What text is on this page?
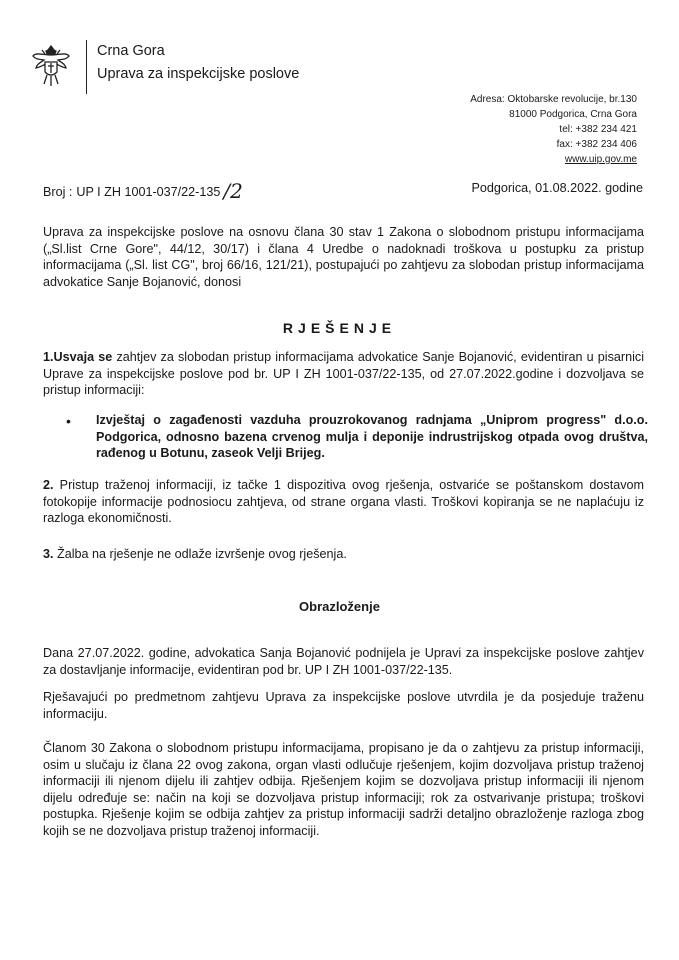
Crna Gora
Uprava za inspekcijske poslove
Adresa: Oktobarske revolucije, br.130
81000 Podgorica, Crna Gora
tel: +382 234 421
fax: +382 234 406
www.uip.gov.me
Broj : UP I ZH 1001-037/22-135 /2	Podgorica, 01.08.2022. godine
Uprava za inspekcijske poslove na osnovu člana 30 stav 1 Zakona o slobodnom pristupu informacijama („Sl.list Crne Gore", 44/12, 30/17) i člana 4 Uredbe o nadoknadi troškova u postupku za pristup informacijama („Sl. list CG", broj 66/16, 121/21), postupajući po zahtjevu za slobodan pristup informacijama advokatice Sanje Bojanović, donosi
RJEŠENJE
1.Usvaja se zahtjev za slobodan pristup informacijama advokatice Sanje Bojanović, evidentiran u pisarnici Uprave za inspekcijske poslove pod br. UP I ZH 1001-037/22-135, od 27.07.2022.godine i dozvoljava se pristup informaciji:
• Izvještaj o zagađenosti vazduha prouzrokovanog radnjama „Uniprom progress" d.o.o. Podgorica, odnosno bazena crvenog mulja i deponije indrustrijskog otpada ovog društva, rađenog u Botunu, zaseok Velji Brijeg.
2. Pristup traženoj informaciji, iz tačke 1 dispozitiva ovog rješenja, ostvariće se poštanskom dostavom fotokopije informacije podnosiocu zahtjeva, od strane organa vlasti. Troškovi kopiranja se ne naplaćuju iz razloga ekonomičnosti.
3. Žalba na rješenje ne odlaže izvršenje ovog rješenja.
Obrazloženje
Dana 27.07.2022. godine, advokatica Sanja Bojanović podnijela je Upravi za inspekcijske poslove zahtjev za dostavljanje informacije, evidentiran pod br. UP I ZH 1001-037/22-135.
Rješavajući po predmetnom zahtjevu Uprava za inspekcijske poslove utvrdila je da posjeduje traženu informaciju.
Članom 30 Zakona o slobodnom pristupu informacijama, propisano je da o zahtjevu za pristup informaciji, osim u slučaju iz člana 22 ovog zakona, organ vlasti odlučuje rješenjem, kojim dozvoljava pristup traženoj informaciji ili njenom dijelu ili zahtjev odbija. Rješenjem kojim se dozvoljava pristup informaciji ili njenom dijelu određuje se: način na koji se dozvoljava pristup informaciji; rok za ostvarivanje pristupa; troškovi postupka. Rješenje kojim se odbija zahtjev za pristup informaciji sadrži detaljno obrazloženje razloga zbog kojih se ne dozvoljava pristup traženoj informaciji.
